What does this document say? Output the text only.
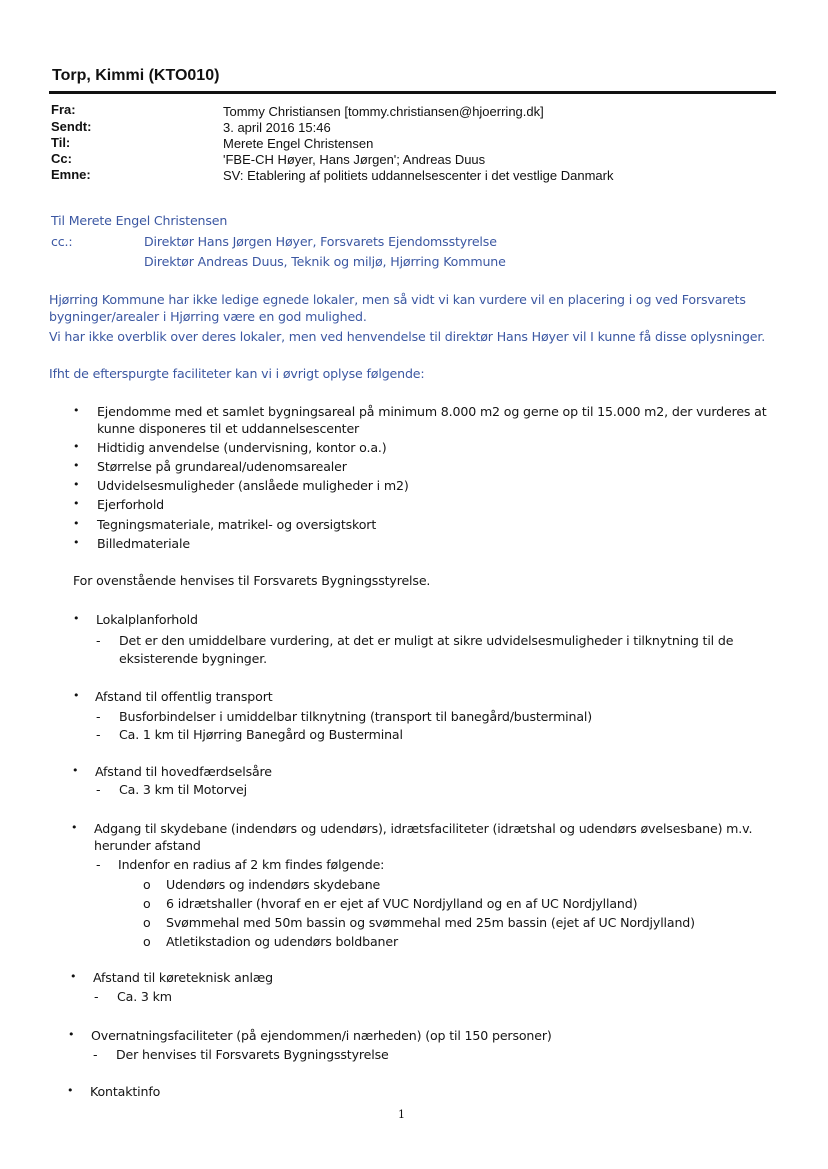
Torp, Kimmi (KTO010)
Fra:	Tommy Christiansen [tommy.christiansen@hjoerring.dk]
Sendt:	3. april 2016 15:46
Til:	Merete Engel Christensen
Cc:	'FBE-CH Høyer, Hans Jørgen'; Andreas Duus
Emne:	SV: Etablering af politiets uddannelsescenter i det vestlige Danmark
Til Merete Engel Christensen
cc.:	Direktør Hans Jørgen Høyer, Forsvarets Ejendomsstyrelse
Direktør Andreas Duus, Teknik og miljø, Hjørring Kommune
Hjørring Kommune har ikke ledige egnede lokaler, men så vidt vi kan vurdere vil en placering i og ved Forsvarets
bygninger/arealer i Hjørring være en god mulighed.
Vi har ikke overblik over deres lokaler, men ved henvendelse til direktør Hans Høyer vil I kunne få disse oplysninger.
Ifht de efterspurgte faciliteter kan vi i øvrigt oplyse følgende:
• Ejendomme med et samlet bygningsareal på minimum 8.000 m2 og gerne op til 15.000 m2, der vurderes at
kunne disponeres til et uddannelsescenter
• Hidtidig anvendelse (undervisning, kontor o.a.)
• Størrelse på grundareal/udenomsarealer
• Udvidelsesmuligheder (anslåede muligheder i m2)
• Ejerforhold
• Tegningsmateriale, matrikel- og oversigtskort
• Billedmateriale
For ovenstående henvises til Forsvarets Bygningsstyrelse.
• Lokalplanforhold
- Det er den umiddelbare vurdering, at det er muligt at sikre udvidelsesmuligheder i tilknytning til de
eksisterende bygninger.
• Afstand til offentlig transport
- Busforbindelser i umiddelbar tilknytning (transport til banegård/busterminal)
- Ca. 1 km til Hjørring Banegård og Busterminal
• Afstand til hovedfærdselsåre
- Ca. 3 km til Motorvej
• Adgang til skydebane (indendørs og udendørs), idrætsfaciliteter (idrætshal og udendørs øvelsesbane) m.v.
herunder afstand
- Indenfor en radius af 2 km findes følgende:
o Udendørs og indendørs skydebane
o 6 idrætshaller (hvoraf en er ejet af VUC Nordjylland og en af UC Nordjylland)
o Svømmehal med 50m bassin og svømmehal med 25m bassin (ejet af UC Nordjylland)
o Atletikstadion og udendørs boldbaner
• Afstand til køreteknisk anlæg
- Ca. 3 km
• Overnatningsfaciliteter (på ejendommen/i nærheden) (op til 150 personer)
- Der henvises til Forsvarets Bygningsstyrelse
• Kontaktinfo
1
